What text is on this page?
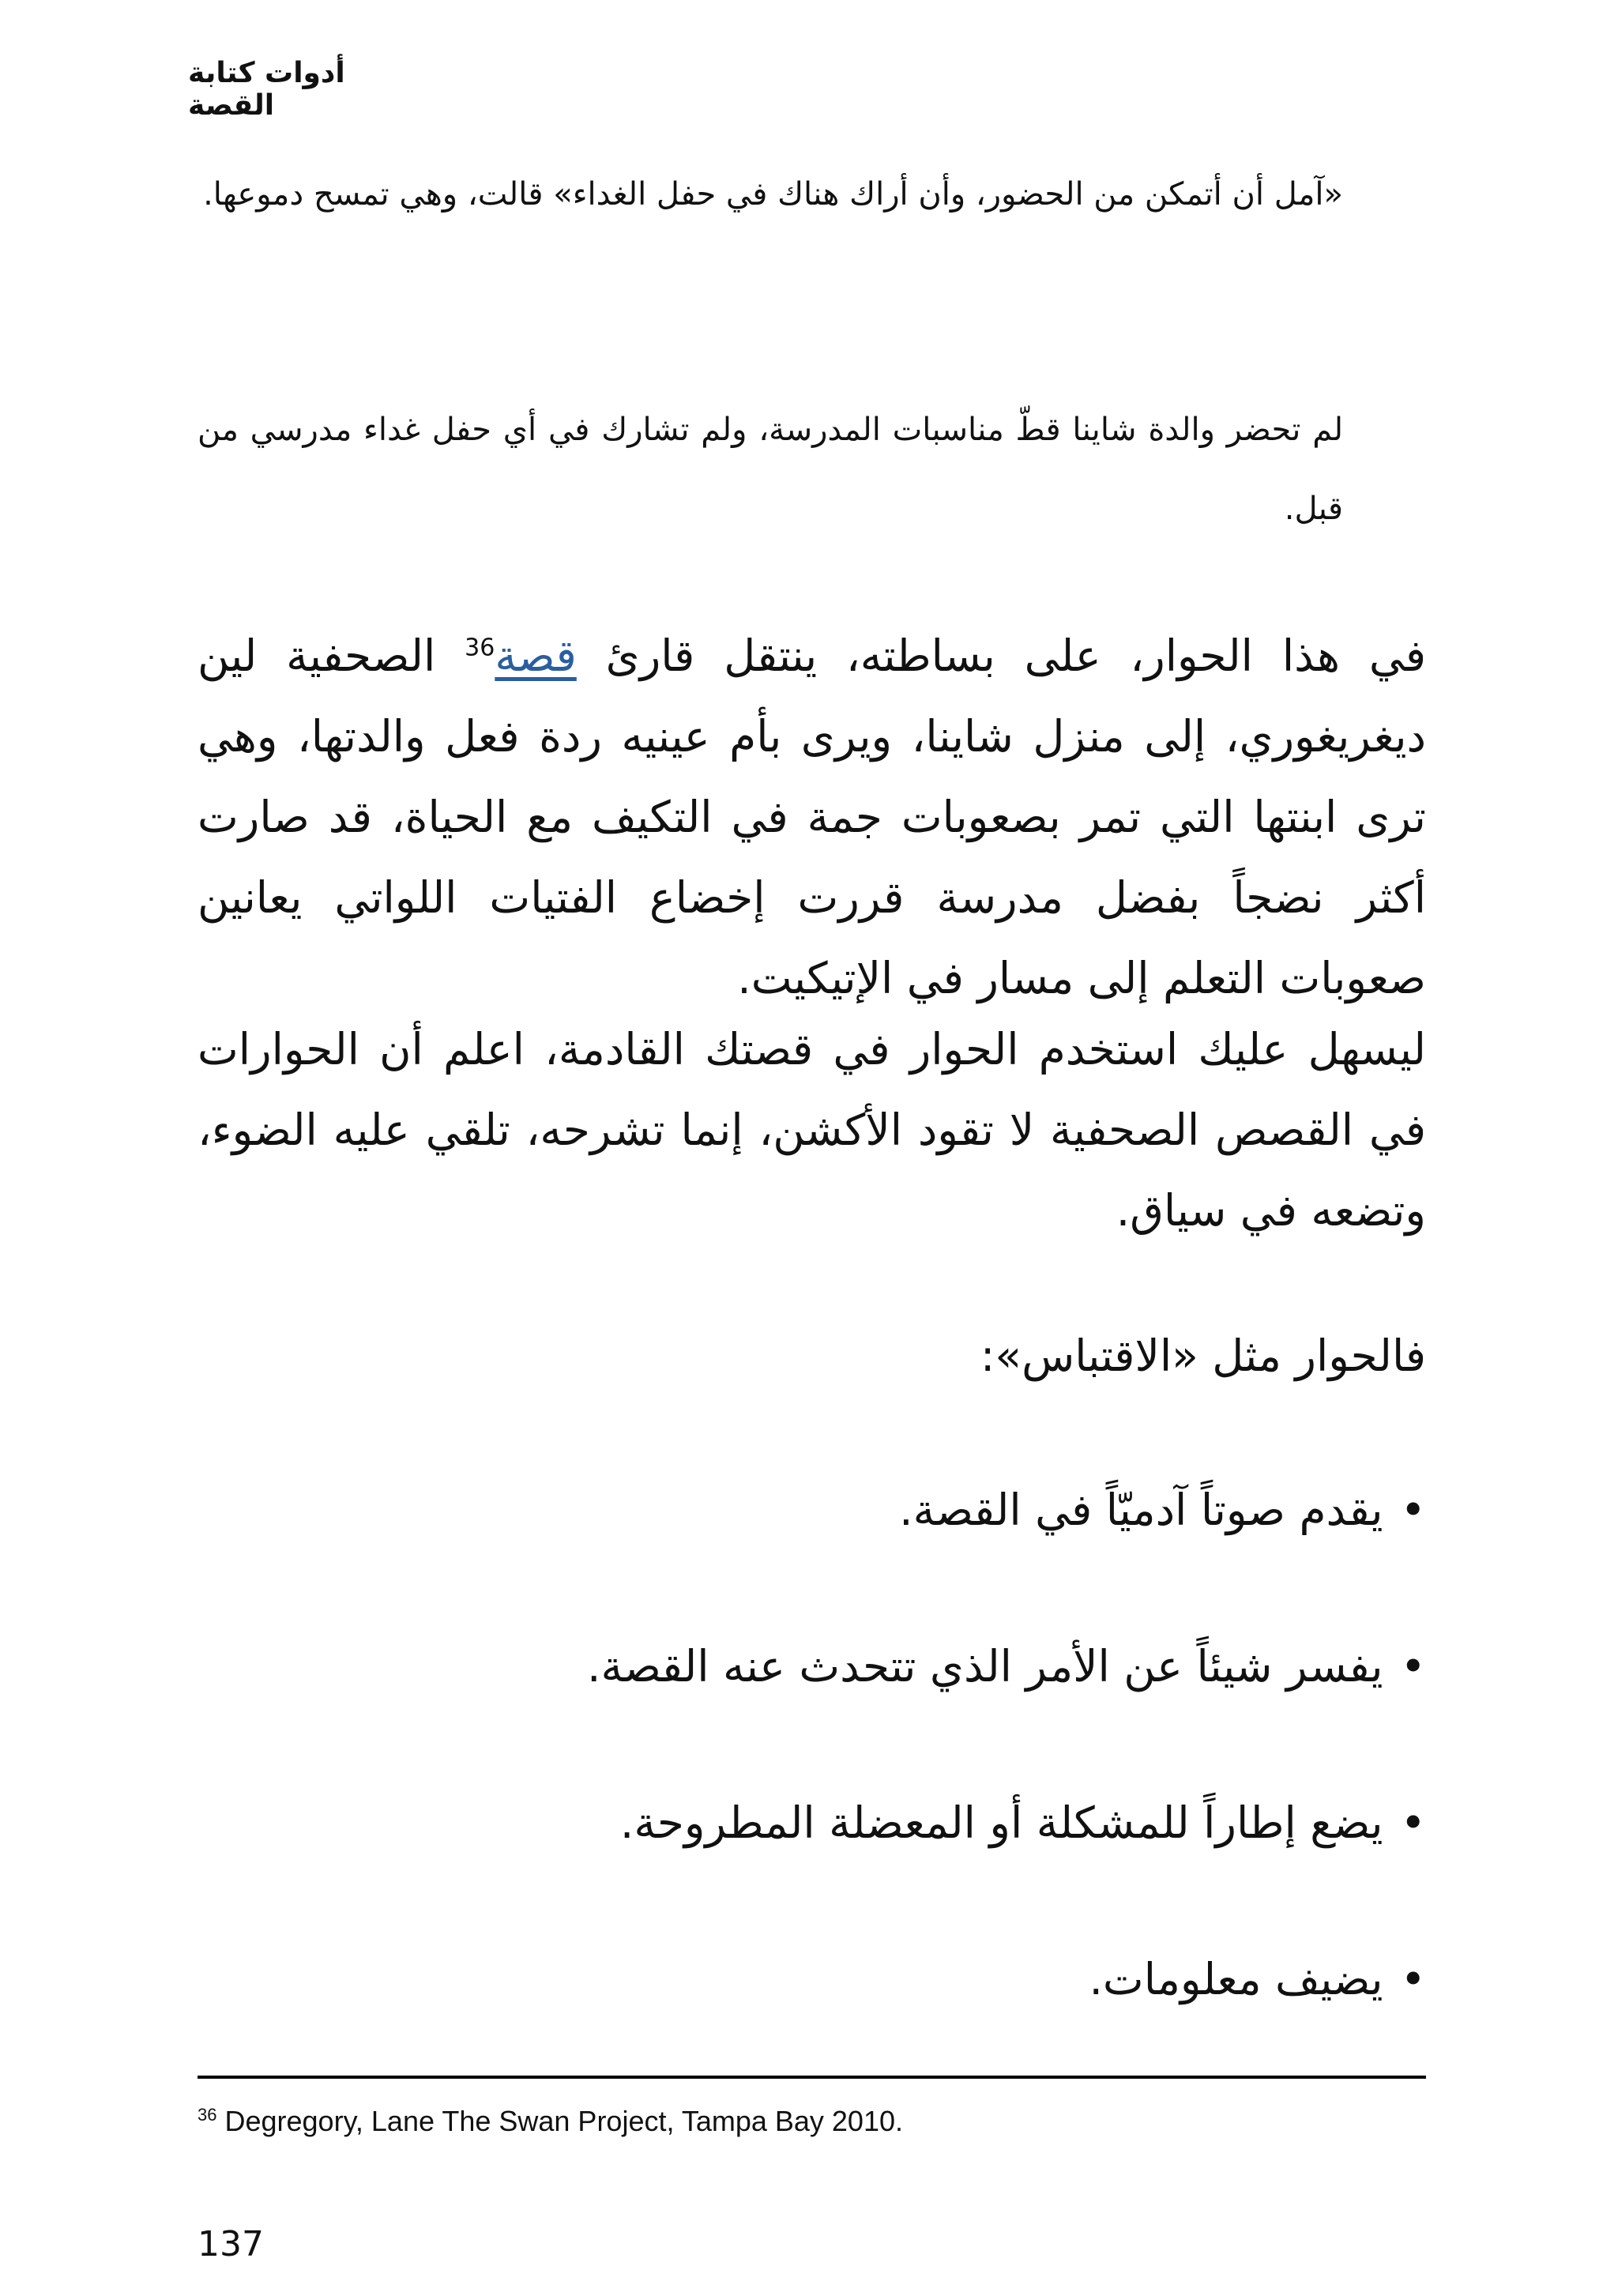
أدوات كتابة القصة

«آمل أن أتمكن من الحضور، وأن أراك هناك في حفل الغداء» قالت، وهي تمسح دموعها.

لم تحضر والدة شاينا قطّ مناسبات المدرسة، ولم تشارك في أي حفل غداء مدرسي من قبل.

في هذا الحوار، على بساطته، ينتقل قارئ قصة$^{36}$ الصحفية لين ديغريغوري، إلى منزل شاينا، ويرى بأم عينيه ردة فعل والدتها، وهي ترى ابنتها التي تمر بصعوبات جمة في التكيف مع الحياة، قد صارت أكثر نضجاً بفضل مدرسة قررت إخضاع الفتيات اللواتي يعانين صعوبات التعلم إلى مسار في الإتيكيت.

ليسهل عليك استخدم الحوار في قصتك القادمة، اعلم أن الحوارات في القصص الصحفية لا تقود الأكشن، إنما تشرحه، تلقي عليه الضوء، وتضعه في سياق.

فالحوار مثل «الاقتباس»:

•يقدم صوتاً آدميّاً في القصة.
•يفسر شيئاً عن الأمر الذي تتحدث عنه القصة.
•يضع إطاراً للمشكلة أو المعضلة المطروحة.
•يضيف معلومات.
$^{36}$ Degregory, Lane The Swan Project, Tampa Bay 2010.
137
